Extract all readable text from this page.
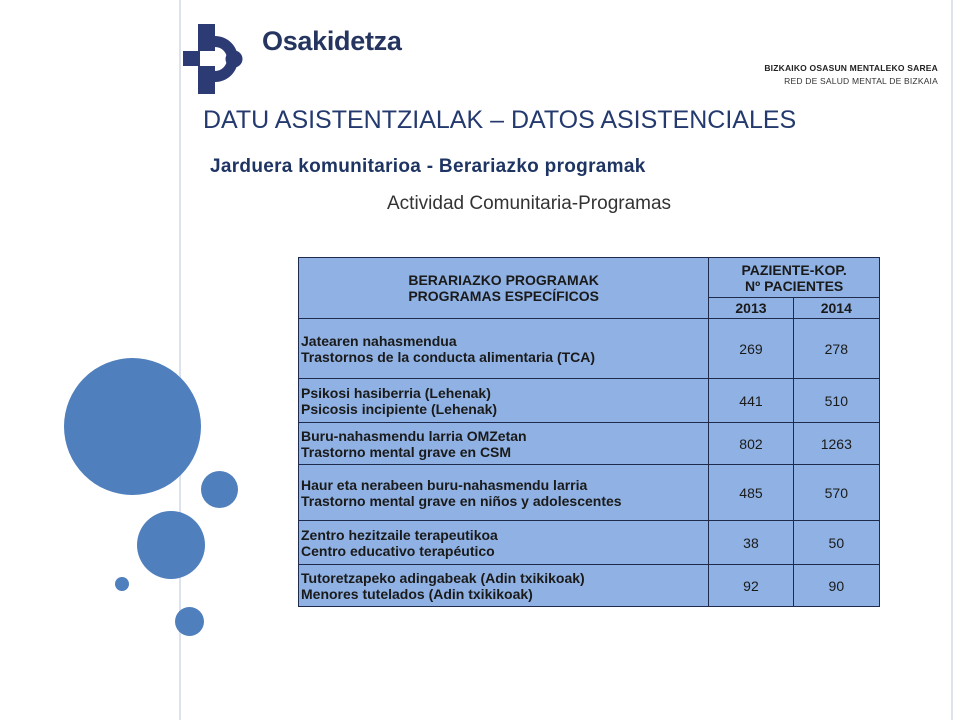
Osakidetza
BIZKAIKO OSASUN MENTALEKO SAREA
RED DE SALUD MENTAL DE BIZKAIA
DATU ASISTENTZIALAK – DATOS ASISTENCIALES
Jarduera komunitarioa - Berariazko programak
Actividad Comunitaria-Programas
BERARIAZKO PROGRAMAK
PROGRAMAS ESPECÍFICOS	PAZIENTE-KOP.
Nº PACIENTES	
	2013	2014
Jatearen nahasmendua
Trastornos de la conducta alimentaria (TCA)	269	278
Psikosi hasiberria (Lehenak)
Psicosis incipiente (Lehenak)	441	510
Buru-nahasmendu larria OMZetan
Trastorno mental grave en CSM	802	1263
Haur eta nerabeen buru-nahasmendu larria
Trastorno mental grave en niños y adolescentes	485	570
Zentro hezitzaile terapeutikoa
Centro educativo terapéutico	38	50
Tutoretzapeko adingabeak (Adin txikikoak)
Menores tutelados (Adin txikikoak)	92	90
